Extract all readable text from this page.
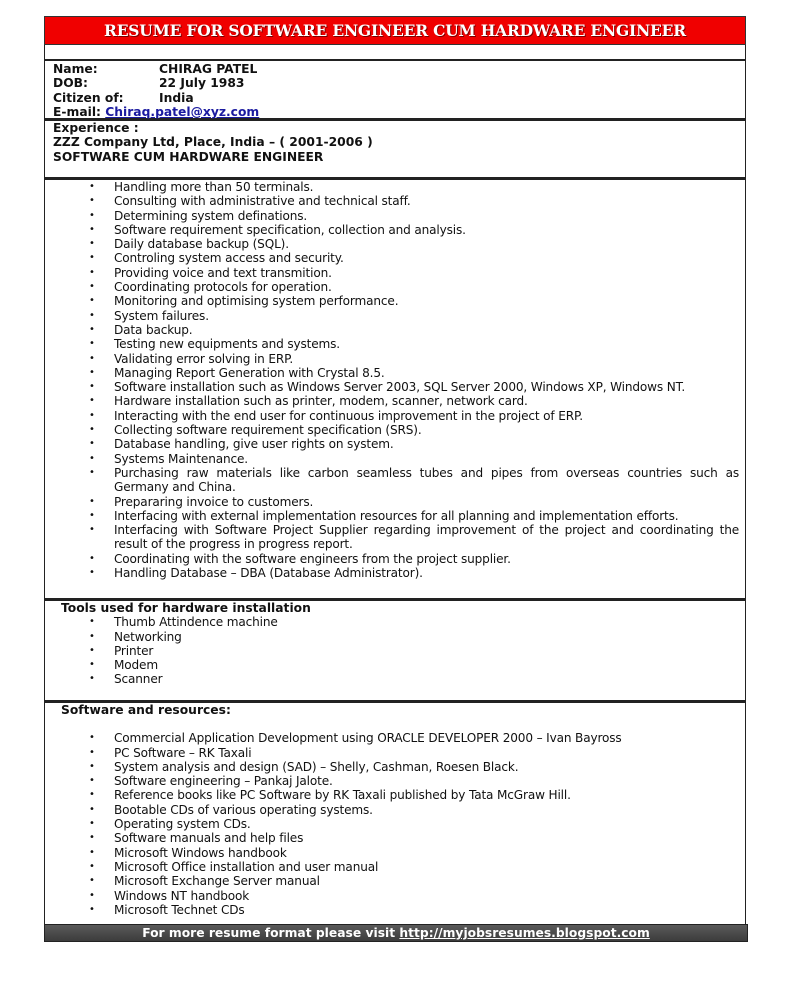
RESUME FOR SOFTWARE ENGINEER CUM HARDWARE ENGINEER
Name:	CHIRAG PATEL
DOB:	22 July 1983
Citizen of:	India
E-mail:
Chiraq.patel@xyz.com
Experience :
ZZZ Company Ltd, Place, India – ( 2001-2006 )
SOFTWARE CUM HARDWARE ENGINEER
• Handling more than 50 terminals.
• Consulting with administrative and technical staff.
• Determining system definations.
• Software requirement specification, collection and analysis.
• Daily database backup (SQL).
• Controling system access and security.
• Providing voice and text transmition.
• Coordinating protocols for operation.
• Monitoring and optimising system performance.
• System failures.
• Data backup.
• Testing new equipments and systems.
• Validating error solving in ERP.
• Managing Report Generation with Crystal 8.5.
• Software installation such as Windows Server 2003, SQL Server 2000, Windows XP, Windows NT.
• Hardware installation such as printer, modem, scanner, network card.
• Interacting with the end user for continuous improvement in the project of ERP.
• Collecting software requirement specification (SRS).
• Database handling, give user rights on system.
• Systems Maintenance.
• Purchasing raw materials like carbon seamless tubes and pipes from overseas countries such as Germany and China.
• Prepararing invoice to customers.
• Interfacing with external implementation resources for all planning and implementation efforts.
• Interfacing with Software Project Supplier regarding improvement of the project and coordinating the result of the progress in progress report.
• Coordinating with the software engineers from the project supplier.
• Handling Database – DBA (Database Administrator).
Tools used for hardware installation
• Thumb Attindence machine
• Networking
• Printer
• Modem
• Scanner
Software and resources:
• Commercial Application Development using ORACLE DEVELOPER 2000 – Ivan Bayross
• PC Software – RK Taxali
• System analysis and design (SAD) – Shelly, Cashman, Roesen Black.
• Software engineering – Pankaj Jalote.
• Reference books like PC Software by RK Taxali published by Tata McGraw Hill.
• Bootable CDs of various operating systems.
• Operating system CDs.
• Software manuals and help files
• Microsoft Windows handbook
• Microsoft Office installation and user manual
• Microsoft Exchange Server manual
• Windows NT handbook
• Microsoft Technet CDs
For more resume format please visit http://myjobsresumes.blogspot.com
